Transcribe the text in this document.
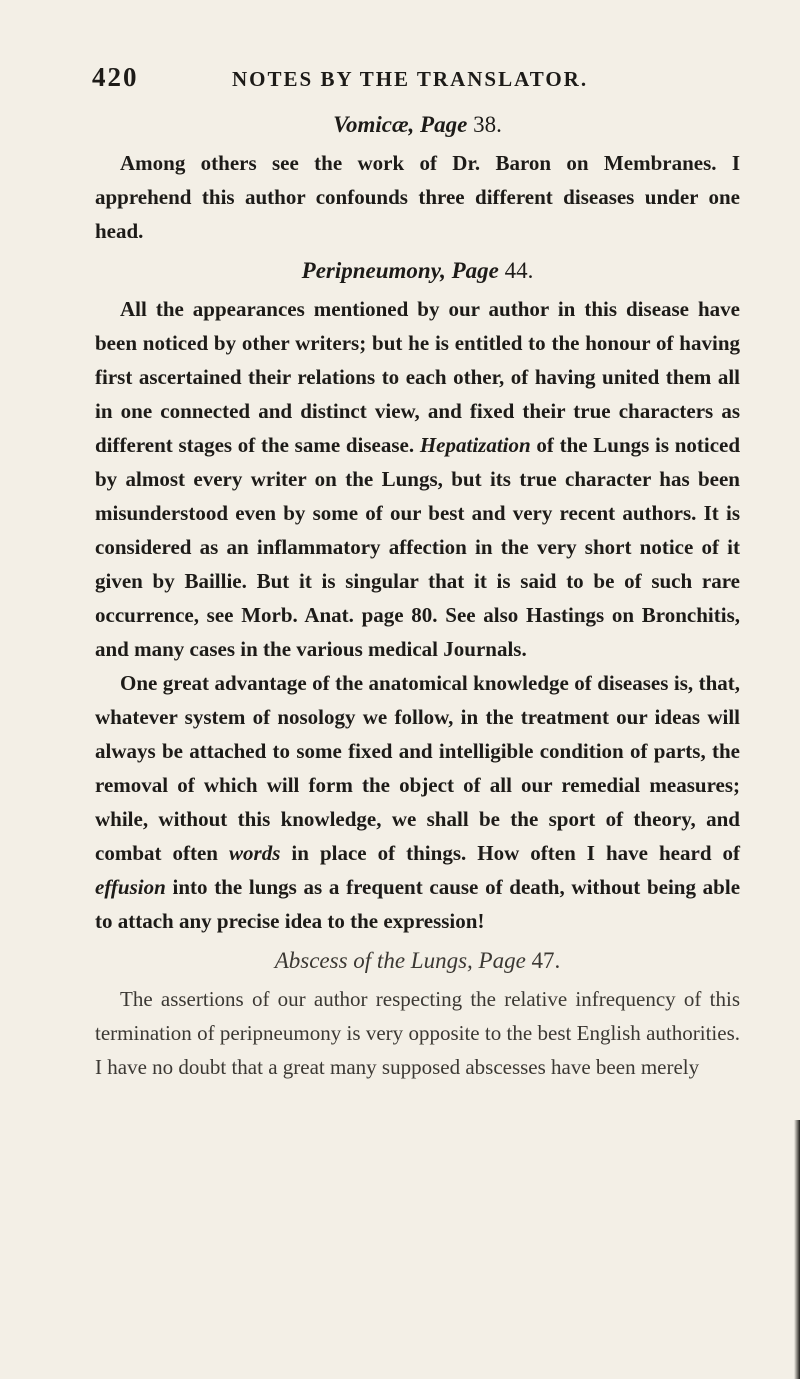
420	NOTES BY THE TRANSLATOR.
Vomicæ, Page 38.

Among others see the work of Dr. Baron on Membranes. I apprehend this author confounds three different diseases under one head.

Peripneumony, Page 44.

All the appearances mentioned by our author in this disease have been noticed by other writers; but he is entitled to the honour of having first ascertained their relations to each other, of having united them all in one connected and distinct view, and fixed their true characters as different stages of the same disease. Hepatization of the Lungs is noticed by almost every writer on the Lungs, but its true character has been misunderstood even by some of our best and very recent authors. It is considered as an inflammatory affection in the very short notice of it given by Baillie. But it is singular that it is said to be of such rare occurrence, see Morb. Anat. page 80. See also Hastings on Bronchitis, and many cases in the various medical Journals.

One great advantage of the anatomical knowledge of diseases is, that, whatever system of nosology we follow, in the treatment our ideas will always be attached to some fixed and intelligible condition of parts, the removal of which will form the object of all our remedial measures; while, without this knowledge, we shall be the sport of theory, and combat often words in place of things. How often I have heard of effusion into the lungs as a frequent cause of death, without being able to attach any precise idea to the expression!

Abscess of the Lungs, Page 47.

The assertions of our author respecting the relative infrequency of this termination of peripneumony is very opposite to the best English authorities. I have no doubt that a great many supposed abscesses have been merely
